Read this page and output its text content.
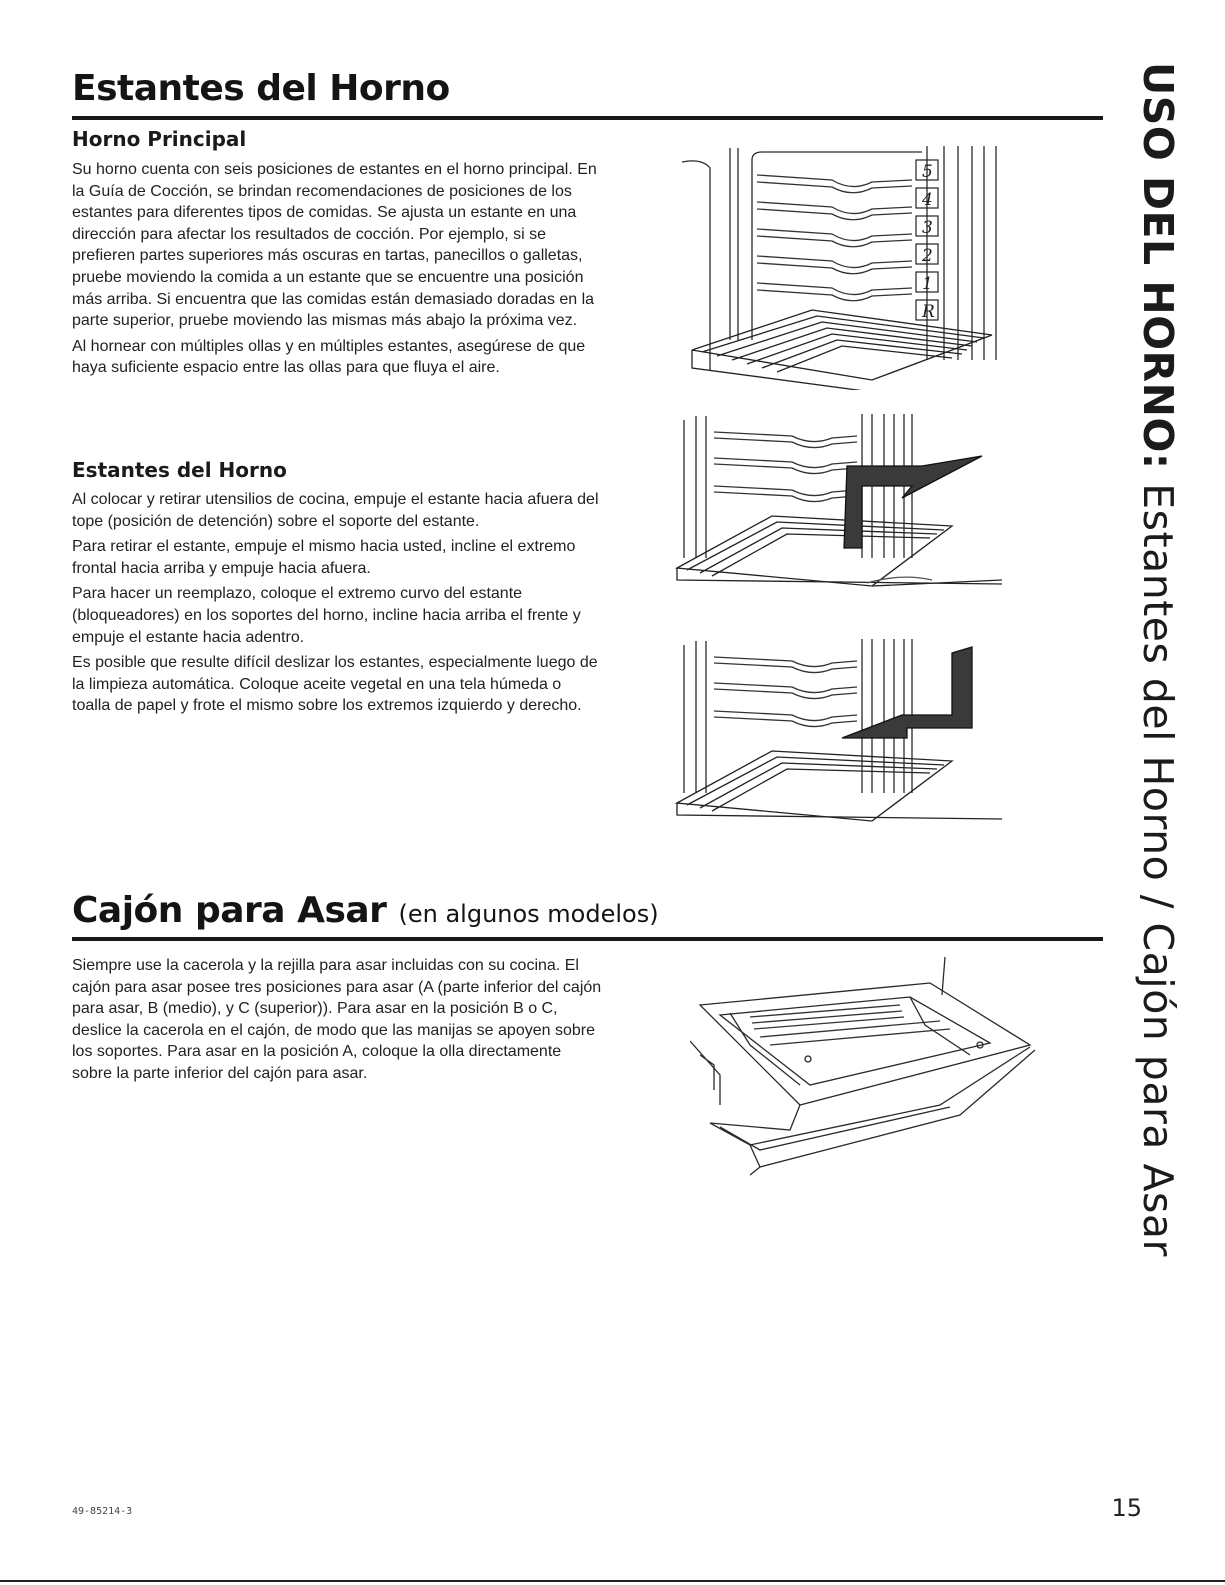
Estantes del Horno
Horno Principal

Su horno cuenta con seis posiciones de estantes en el horno principal. En la Guía de Cocción, se brindan recomendaciones de posiciones de los estantes para diferentes tipos de comidas. Se ajusta un estante en una dirección para afectar los resultados de cocción. Por ejemplo, si se prefieren partes superiores más oscuras en tartas, panecillos o galletas, pruebe moviendo la comida a un estante que se encuentre una posición más arriba. Si encuentra que las comidas están demasiado doradas en la parte superior, pruebe moviendo las mismas más abajo la próxima vez.

Al hornear con múltiples ollas y en múltiples estantes, asegúrese de que haya suficiente espacio entre las ollas para que fluya el aire.

Estantes del Horno

Al colocar y retirar utensilios de cocina, empuje el estante hacia afuera del tope (posición de detención) sobre el soporte del estante.

Para retirar el estante, empuje el mismo hacia usted, incline el extremo frontal hacia arriba y empuje hacia afuera.

Para hacer un reemplazo, coloque el extremo curvo del estante (bloqueadores) en los soportes del horno, incline hacia arriba el frente y empuje el estante hacia adentro.

Es posible que resulte difícil deslizar los estantes, especialmente luego de la limpieza automática. Coloque aceite vegetal en una tela húmeda o toalla de papel y frote el mismo sobre los extremos izquierdo y derecho.

5
4
3
2
1
R
Cajón para Asar (en algunos modelos)

Siempre use la cacerola y la rejilla para asar incluidas con su cocina. El cajón para asar posee tres posiciones para asar (A (parte inferior del cajón para asar, B (medio), y C (superior)). Para asar en la posición B o C, deslice la cacerola en el cajón, de modo que las manijas se apoyen sobre los soportes. Para asar en la posición A, coloque la olla directamente sobre la parte inferior del cajón para asar.

USO DEL HORNO: Estantes del Horno / Cajón para Asar
49-85214-3	15
